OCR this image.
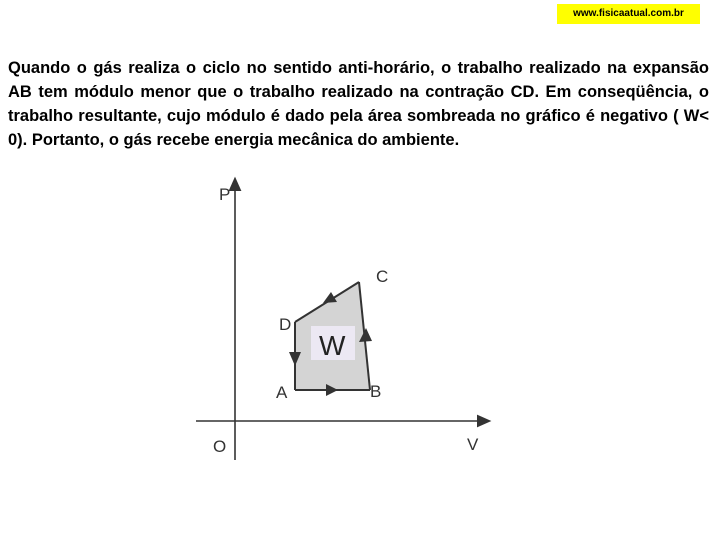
www.fisicaatual.com.br

Quando o gás realiza o ciclo no sentido anti-horário, o trabalho realizado na expansão AB tem módulo menor que o trabalho realizado na contração CD. Em conseqüência, o trabalho resultante, cujo módulo é dado pela área sombreada no gráfico é negativo ( W< 0). Portanto, o gás recebe energia mecânica do ambiente.

P
V
O
A	B
C
D
W
